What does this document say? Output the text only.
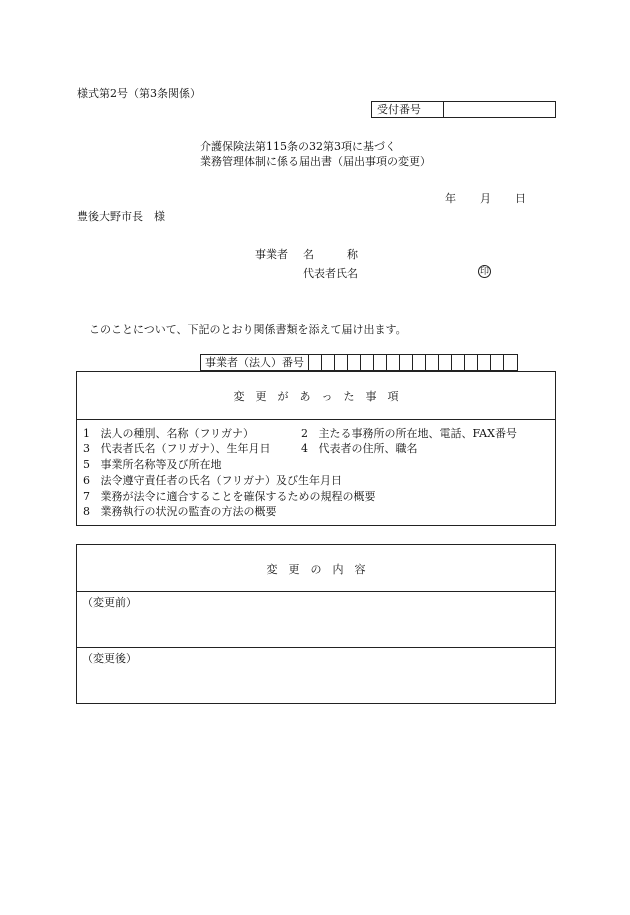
様式第2号（第3条関係）
受付番号
介護保険法第115条の32第3項に基づく
業務管理体制に係る届出書（届出事項の変更）
年 月 日
豊後大野市長　様
事業者 名　　　称
代表者氏名	印
このことについて、下記のとおり関係書類を添えて届け出ます。
事業者（法人）番号
変　更　が　あ　っ　た　事　項
1 法人の種別、名称（フリガナ）	2 主たる事務所の所在地、電話、FAX番号
3 代表者氏名（フリガナ）、生年月日	4 代表者の住所、職名
5 事業所名称等及び所在地
6 法令遵守責任者の氏名（フリガナ）及び生年月日
7 業務が法令に適合することを確保するための規程の概要
8 業務執行の状況の監査の方法の概要
変　更　の　内　容
（変更前）
（変更後）
